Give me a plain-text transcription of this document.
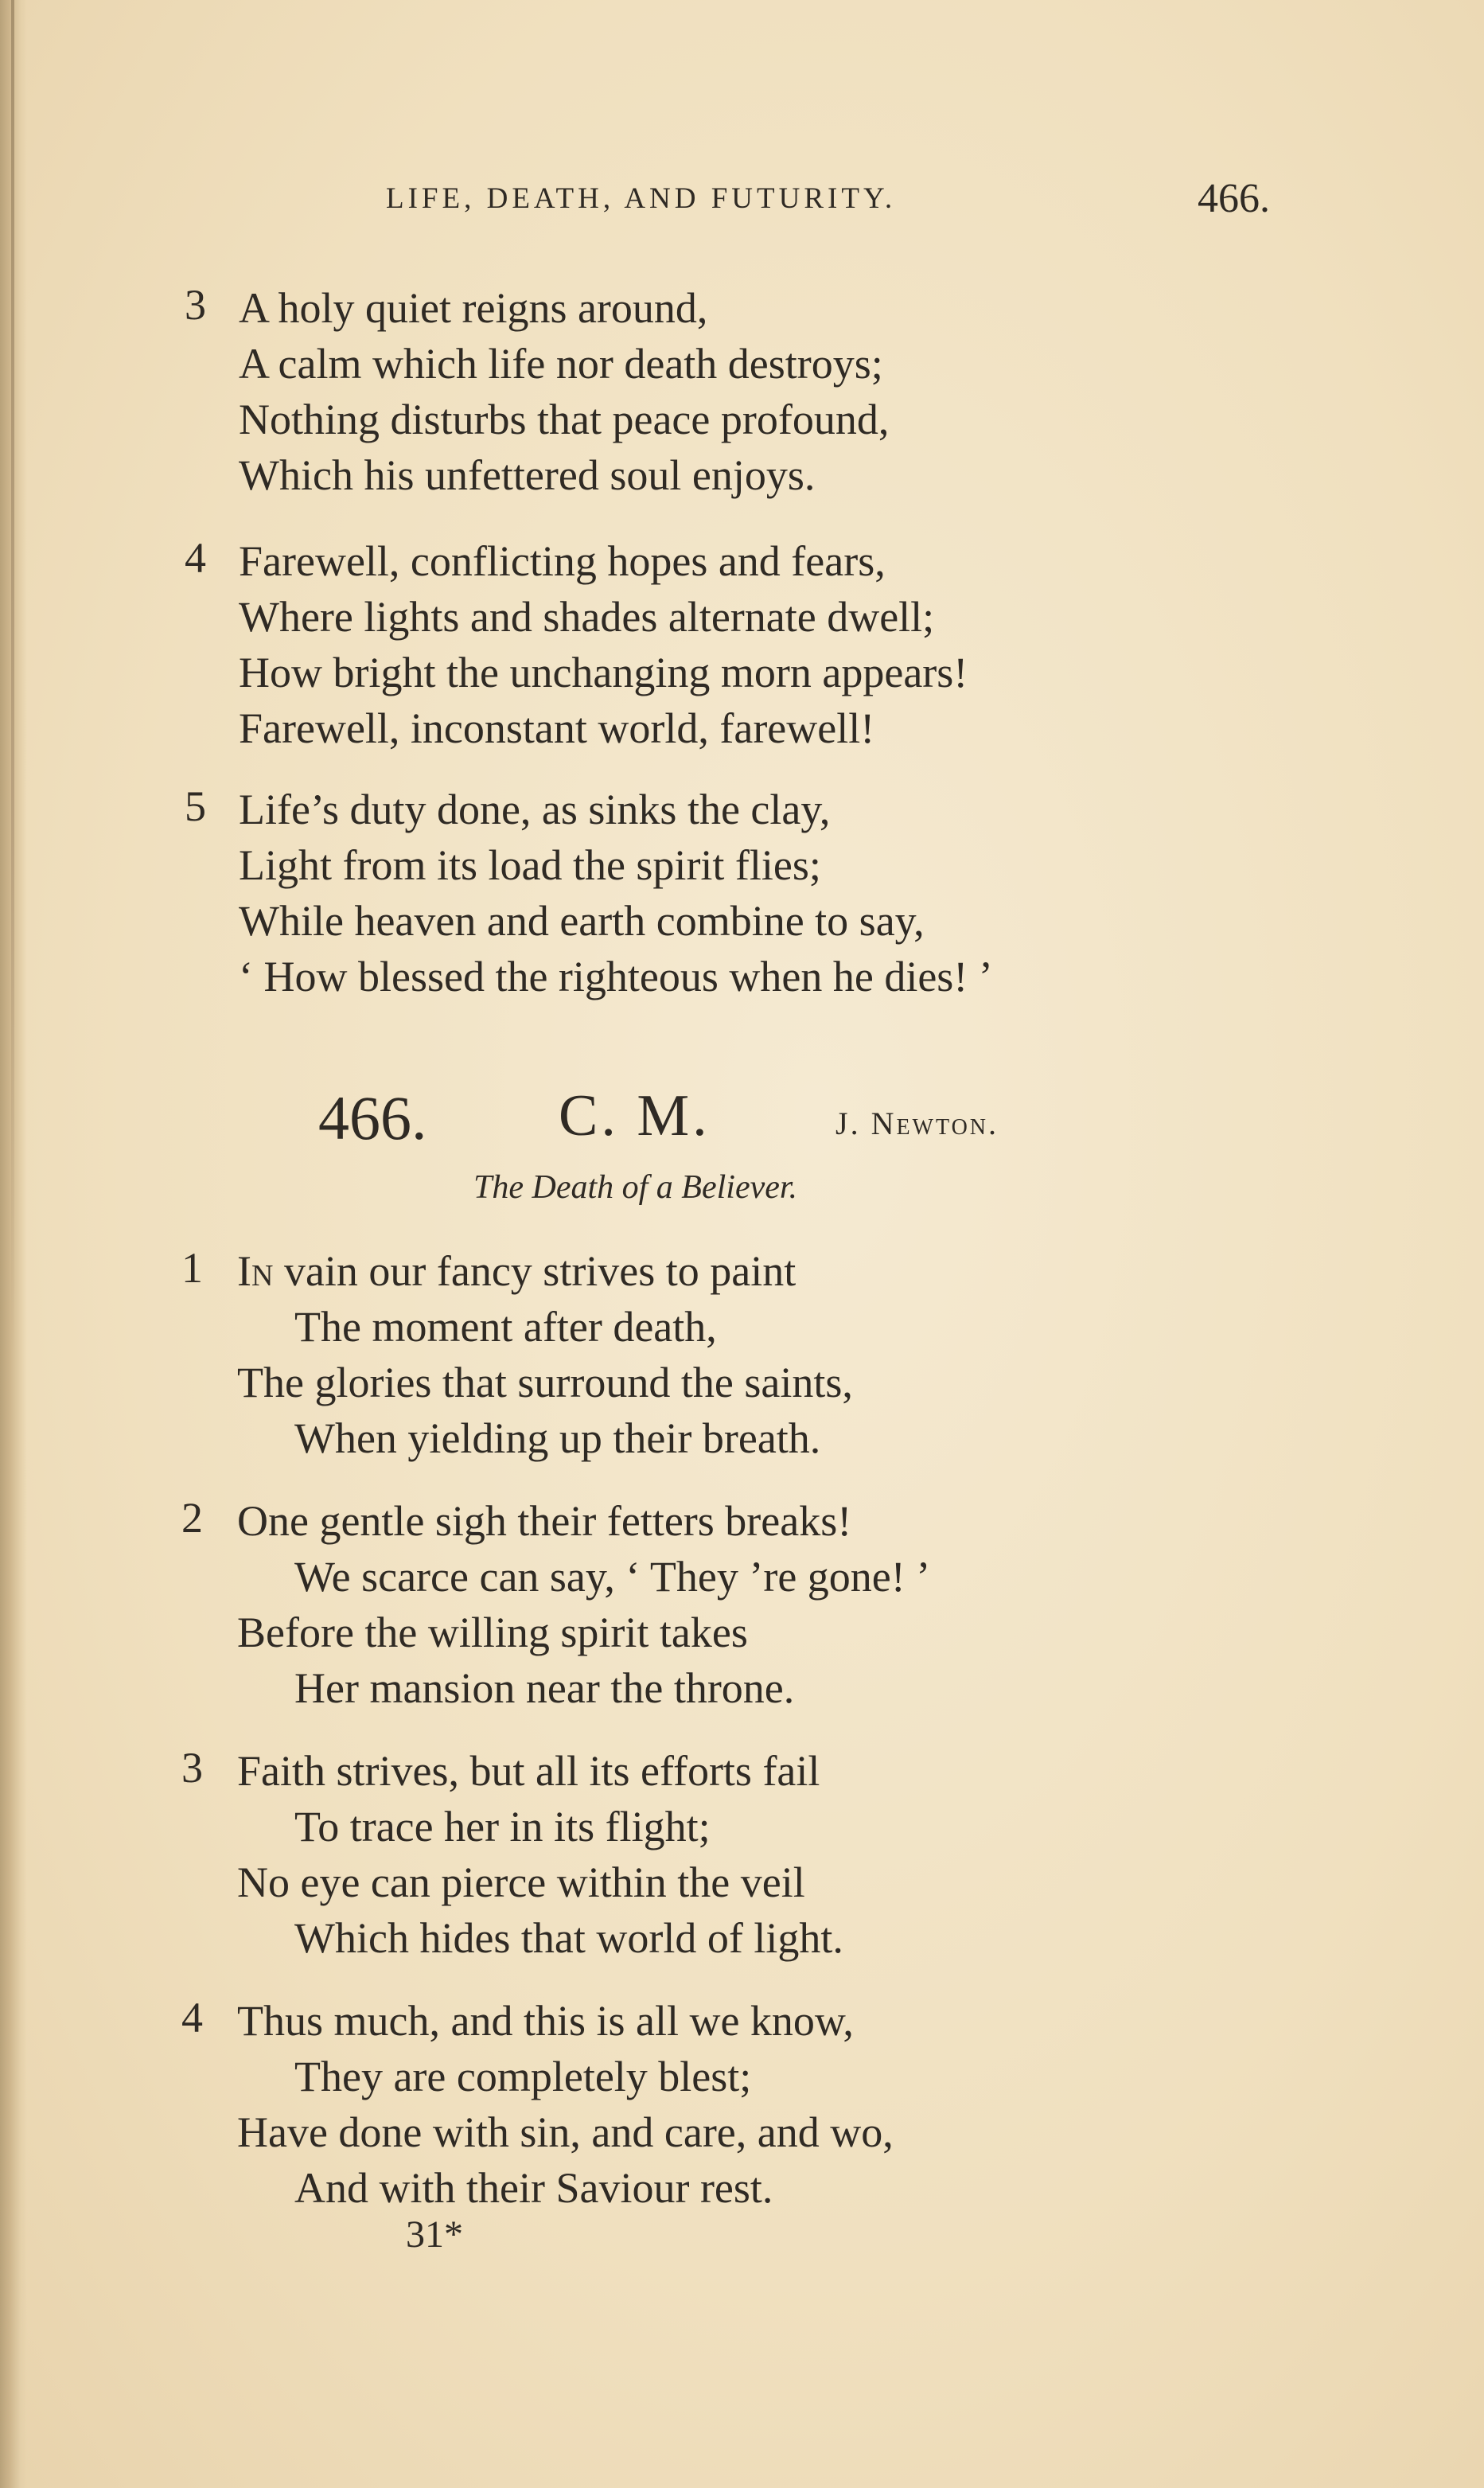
LIFE, DEATH, AND FUTURITY.	466.
3 A holy quiet reigns around,
A calm which life nor death destroys;
Nothing disturbs that peace profound,
Which his unfettered soul enjoys.
4 Farewell, conflicting hopes and fears,
Where lights and shades alternate dwell;
How bright the unchanging morn appears!
Farewell, inconstant world, farewell!
5 Life’s duty done, as sinks the clay,
Light from its load the spirit flies;
While heaven and earth combine to say,
‘ How blessed the righteous when he dies! ’
466. C. M.	J. Newton.
The Death of a Believer.
1 In vain our fancy strives to paint
The moment after death,
The glories that surround the saints,
When yielding up their breath.
2 One gentle sigh their fetters breaks!
We scarce can say, ‘ They ’re gone! ’
Before the willing spirit takes
Her mansion near the throne.
3 Faith strives, but all its efforts fail
To trace her in its flight;
No eye can pierce within the veil
Which hides that world of light.
4 Thus much, and this is all we know,
They are completely blest;
Have done with sin, and care, and wo,
And with their Saviour rest.
31*
